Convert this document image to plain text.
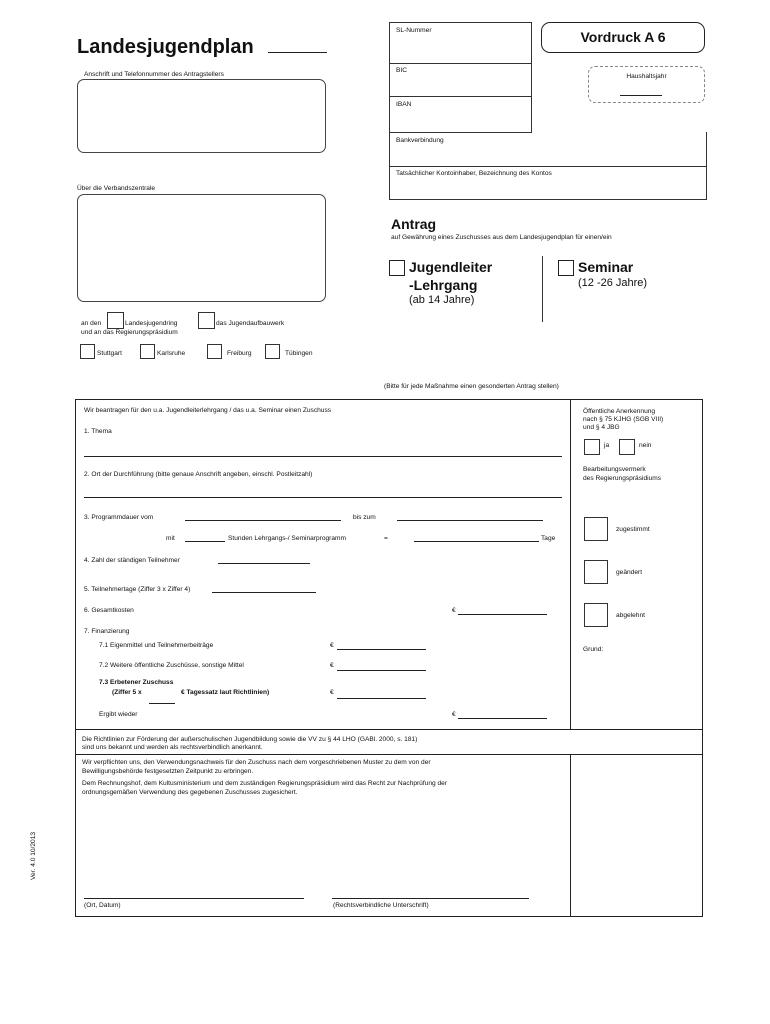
Landesjugendplan	Vordruck A 6
Haushaltsjahr
Anschrift und Telefonnummer des Antragstellers
Über die Verbandszentrale
SL-Nummer
BIC
IBAN
Bankverbindung
Tatsächlicher Kontoinhaber, Bezeichnung des Kontos
Antrag
auf Gewährung eines Zuschusses aus dem Landesjugendplan für einen/ein
Jugendleiter
-Lehrgang
(ab 14 Jahre)
Seminar
(12 -26 Jahre)
an den	Landesjugendring	das Jugendaufbauwerk
und an das Regierungspräsidium
Stuttgart	Karlsruhe	Freiburg	Tübingen
(Bitte für jede Maßnahme einen gesonderten Antrag stellen)
Wir beantragen für den u.a. Jugendleiterlehrgang / das u.a. Seminar einen Zuschuss
1. Thema
2. Ort der Durchführung (bitte genaue Anschrift angeben, einschl. Postleitzahl)
3. Programmdauer vom	bis zum
mit	Stunden Lehrgangs-/ Seminarprogramm	=	Tage
4. Zahl der ständigen Teilnehmer
5. Teilnehmertage (Ziffer 3 x Ziffer 4)
6. Gesamtkosten	€
7. Finanzierung
7.1 Eigenmittel und Teilnehmerbeiträge	€
7.2 Weitere öffentliche Zuschüsse, sonstige Mittel	€
7.3 Erbetener Zuschuss
(Ziffer 5 x	€ Tagessatz laut Richtlinien)	€
Ergibt wieder	€
Öffentliche Anerkennung
nach § 75 KJHG (SGB VIII)
und § 4 JBG
ja	nein
Bearbeitungsvermerk
des Regierungspräsidiums
zugestimmt
geändert
abgelehnt
Grund:
Die Richtlinien zur Förderung der außerschulischen Jugendbildung sowie die VV zu § 44 LHO (GABl. 2000, s. 181)
sind uns bekannt und werden als rechtsverbindlich anerkannt.
Wir verpflichten uns, den Verwendungsnachweis für den Zuschuss nach dem vorgeschriebenen Muster zu dem von der
Bewilligungsbehörde festgesetzten Zeitpunkt zu erbringen.
Dem Rechnungshof, dem Kultusministerium und dem zuständigen Regierungspräsidium wird das Recht zur Nachprüfung der
ordnungsgemäßen Verwendung des gegebenen Zuschusses zugesichert.
(Ort, Datum)	(Rechtsverbindliche Unterschrift)
Ver. 4.0 10/2013
